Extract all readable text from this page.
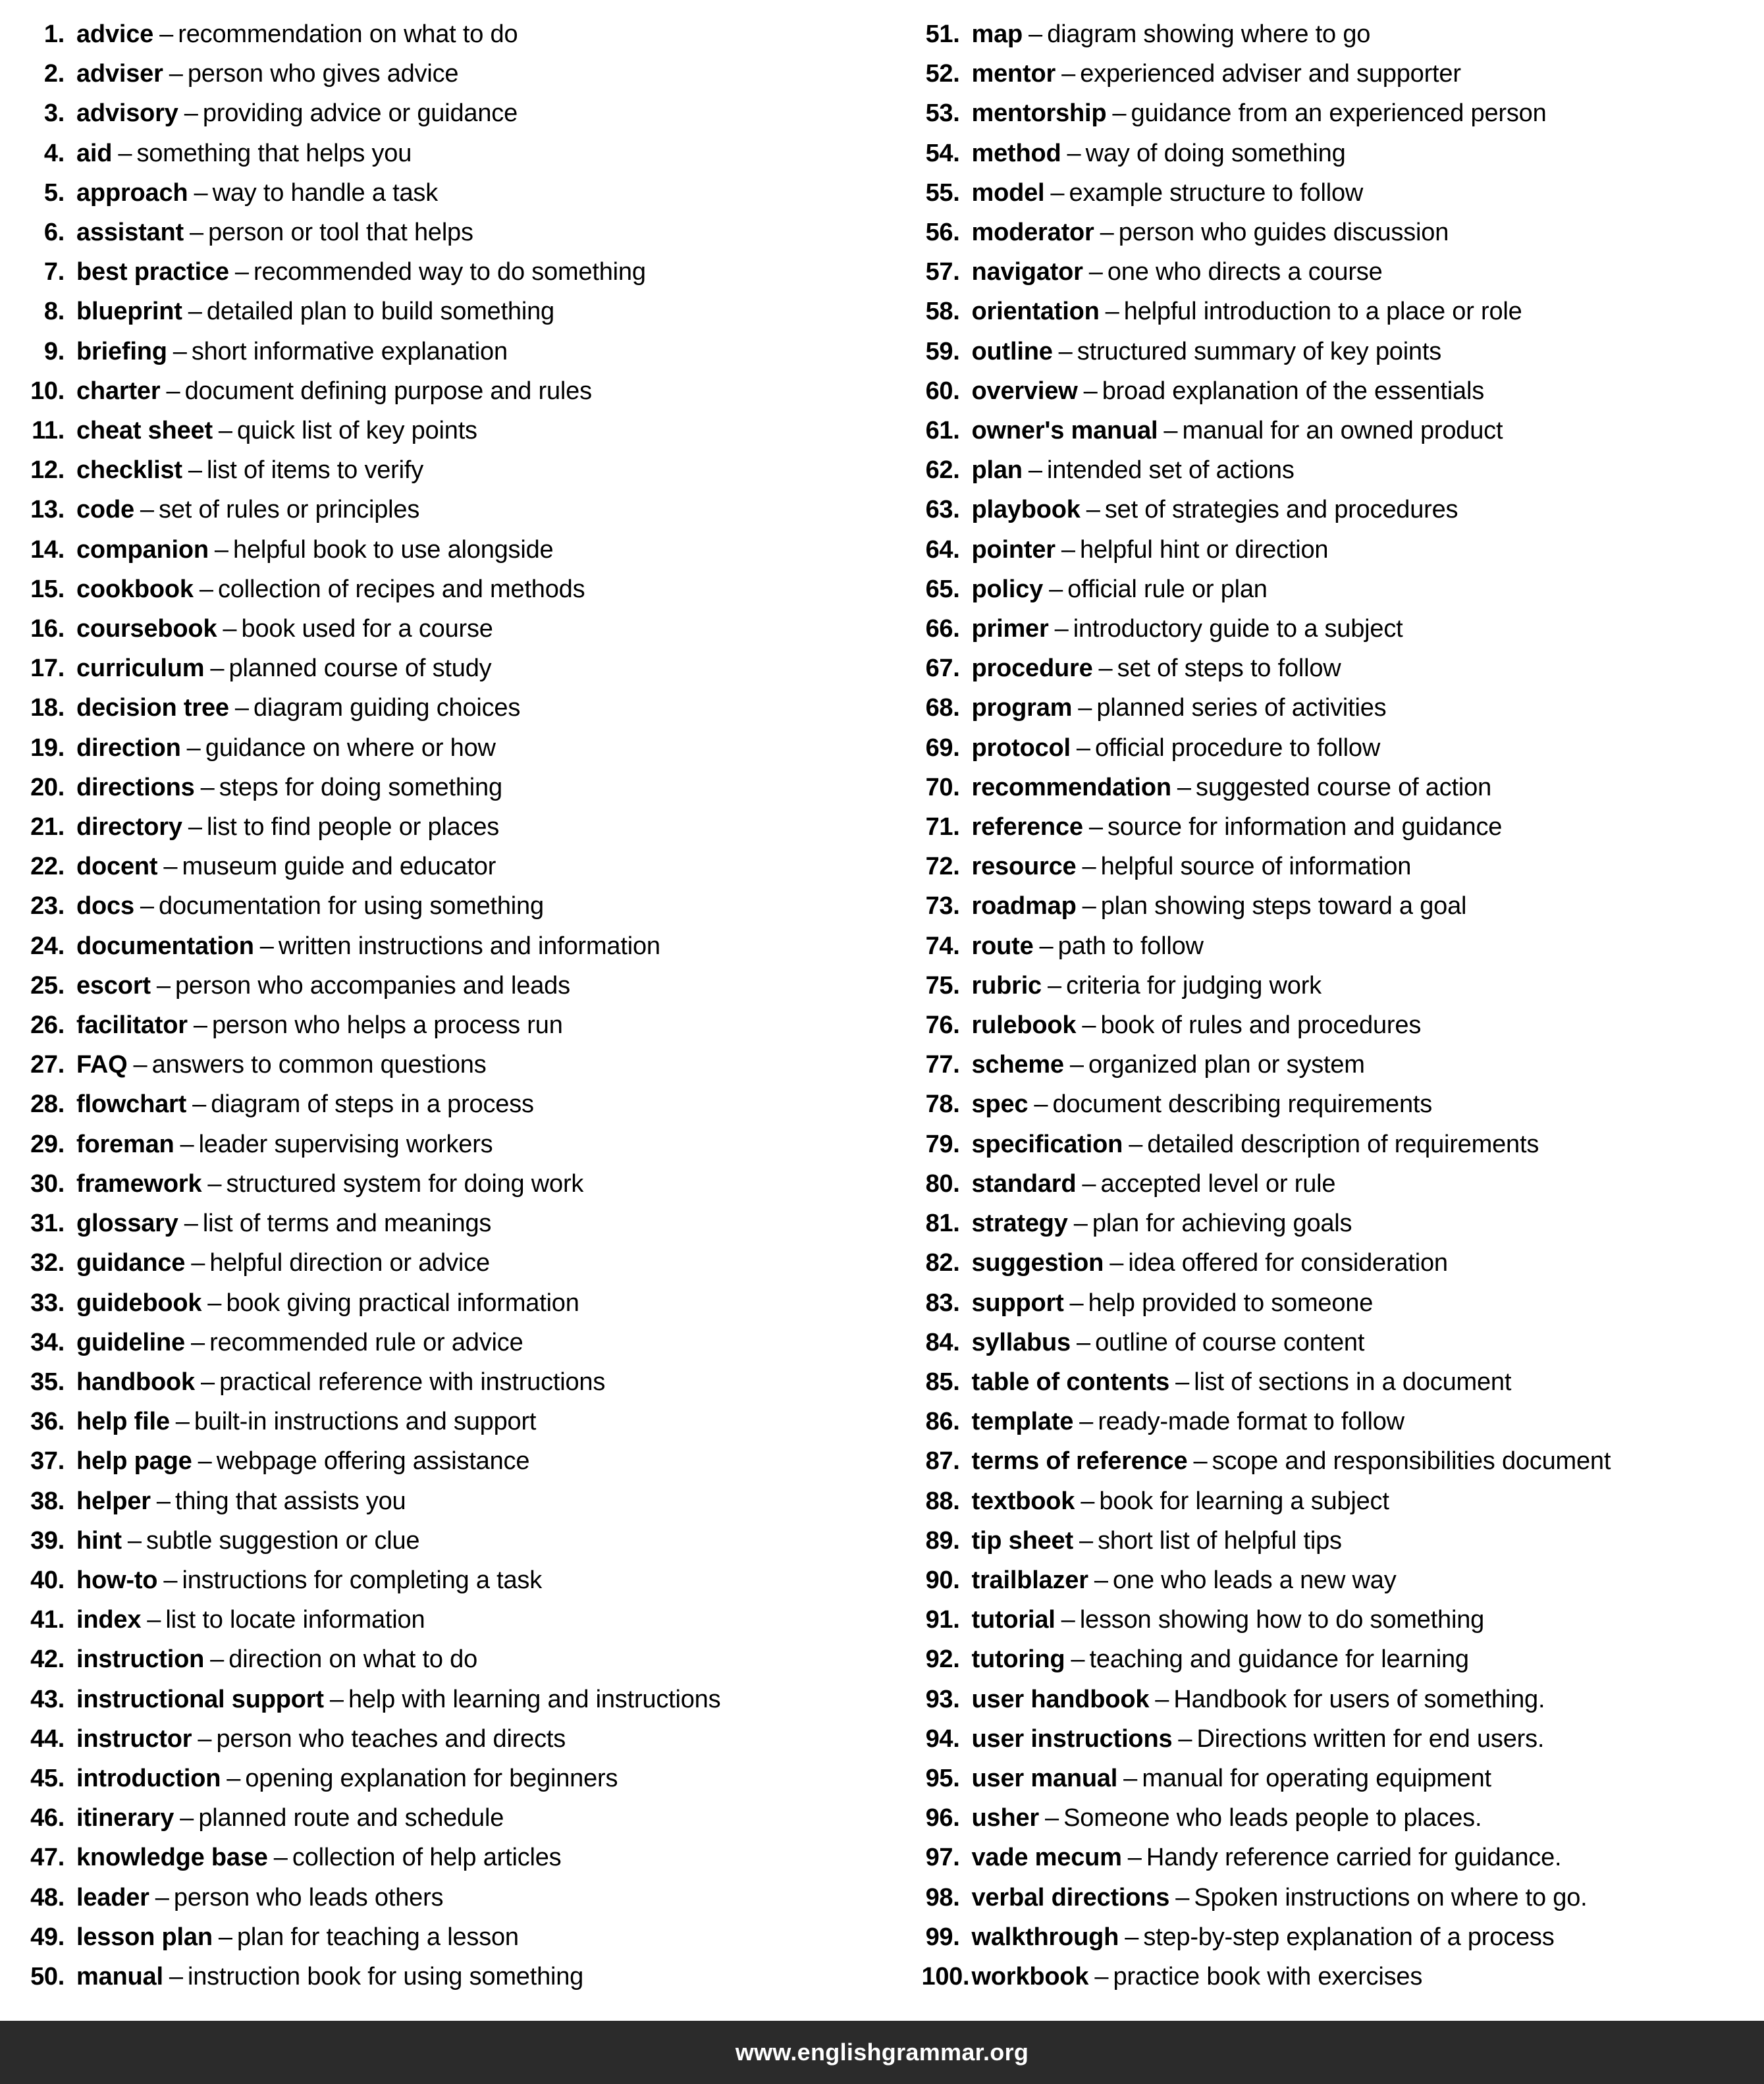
1. advice – recommendation on what to do
2. adviser – person who gives advice
3. advisory – providing advice or guidance
4. aid – something that helps you
5. approach – way to handle a task
6. assistant – person or tool that helps
7. best practice – recommended way to do something
8. blueprint – detailed plan to build something
9. briefing – short informative explanation
10. charter – document defining purpose and rules
11. cheat sheet – quick list of key points
12. checklist – list of items to verify
13. code – set of rules or principles
14. companion – helpful book to use alongside
15. cookbook – collection of recipes and methods
16. coursebook – book used for a course
17. curriculum – planned course of study
18. decision tree – diagram guiding choices
19. direction – guidance on where or how
20. directions – steps for doing something
21. directory – list to find people or places
22. docent – museum guide and educator
23. docs – documentation for using something
24. documentation – written instructions and information
25. escort – person who accompanies and leads
26. facilitator – person who helps a process run
27. FAQ – answers to common questions
28. flowchart – diagram of steps in a process
29. foreman – leader supervising workers
30. framework – structured system for doing work
31. glossary – list of terms and meanings
32. guidance – helpful direction or advice
33. guidebook – book giving practical information
34. guideline – recommended rule or advice
35. handbook – practical reference with instructions
36. help file – built-in instructions and support
37. help page – webpage offering assistance
38. helper – thing that assists you
39. hint – subtle suggestion or clue
40. how-to – instructions for completing a task
41. index – list to locate information
42. instruction – direction on what to do
43. instructional support – help with learning and instructions
44. instructor – person who teaches and directs
45. introduction – opening explanation for beginners
46. itinerary – planned route and schedule
47. knowledge base – collection of help articles
48. leader – person who leads others
49. lesson plan – plan for teaching a lesson
50. manual – instruction book for using something
51. map – diagram showing where to go
52. mentor – experienced adviser and supporter
53. mentorship – guidance from an experienced person
54. method – way of doing something
55. model – example structure to follow
56. moderator – person who guides discussion
57. navigator – one who directs a course
58. orientation – helpful introduction to a place or role
59. outline – structured summary of key points
60. overview – broad explanation of the essentials
61. owner's manual – manual for an owned product
62. plan – intended set of actions
63. playbook – set of strategies and procedures
64. pointer – helpful hint or direction
65. policy – official rule or plan
66. primer – introductory guide to a subject
67. procedure – set of steps to follow
68. program – planned series of activities
69. protocol – official procedure to follow
70. recommendation – suggested course of action
71. reference – source for information and guidance
72. resource – helpful source of information
73. roadmap – plan showing steps toward a goal
74. route – path to follow
75. rubric – criteria for judging work
76. rulebook – book of rules and procedures
77. scheme – organized plan or system
78. spec – document describing requirements
79. specification – detailed description of requirements
80. standard – accepted level or rule
81. strategy – plan for achieving goals
82. suggestion – idea offered for consideration
83. support – help provided to someone
84. syllabus – outline of course content
85. table of contents – list of sections in a document
86. template – ready-made format to follow
87. terms of reference – scope and responsibilities document
88. textbook – book for learning a subject
89. tip sheet – short list of helpful tips
90. trailblazer – one who leads a new way
91. tutorial – lesson showing how to do something
92. tutoring – teaching and guidance for learning
93. user handbook – Handbook for users of something.
94. user instructions – Directions written for end users.
95. user manual – manual for operating equipment
96. usher – Someone who leads people to places.
97. vade mecum – Handy reference carried for guidance.
98. verbal directions – Spoken instructions on where to go.
99. walkthrough – step-by-step explanation of a process
100. workbook – practice book with exercises
www.englishgrammar.org
